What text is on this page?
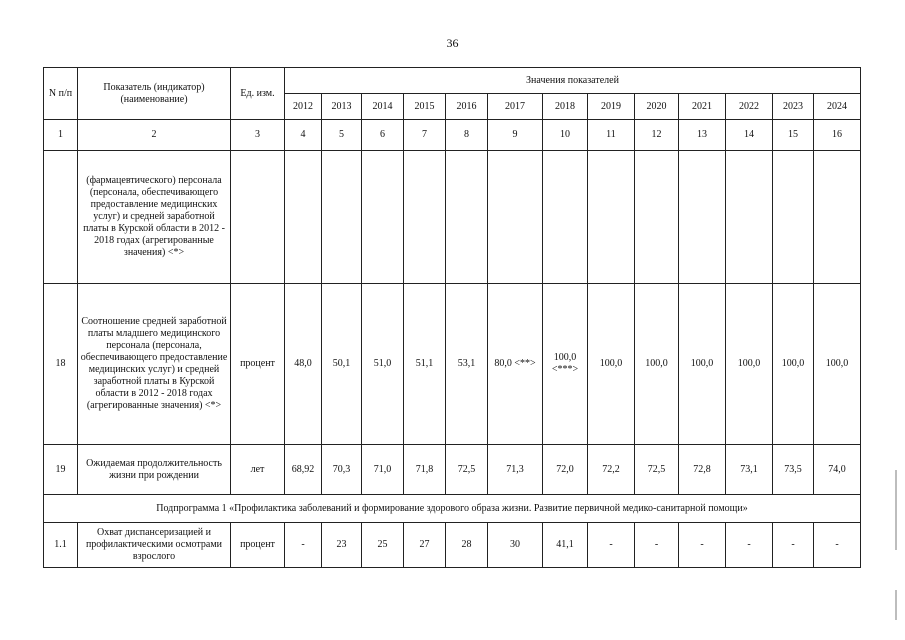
36
N п/п	Показатель (индикатор) (наименование)	Ед. изм.	Значения показателей												
			2012	2013	2014	2015	2016	2017	2018	2019	2020	2021	2022	2023	2024
1	2	3	4	5	6	7	8	9	10	11	12	13	14	15	16
	(фармацевтического) персонала (персонала, обеспечивающего предоставление медицинских услуг) и средней заработной платы в Курской области в 2012 - 2018 годах (агрегированные значения) <*>														
18	Соотношение средней заработной платы младшего медицинского персонала (персонала, обеспечивающего предоставление медицинских услуг) и средней заработной платы в Курской области в 2012 - 2018 годах (агрегированные значения) <*>	процент	48,0	50,1	51,0	51,1	53,1	80,0 <**>	100,0 <***>	100,0	100,0	100,0	100,0	100,0	100,0
19	Ожидаемая продолжительность жизни при рождении	лет	68,92	70,3	71,0	71,8	72,5	71,3	72,0	72,2	72,5	72,8	73,1	73,5	74,0
Подпрограмма 1 «Профилактика заболеваний и формирование здорового образа жизни. Развитие первичной медико-санитарной помощи»															
1.1	Охват диспансеризацией и профилактическими осмотрами взрослого	процент	-	23	25	27	28	30	41,1	-	-	-	-	-	-
